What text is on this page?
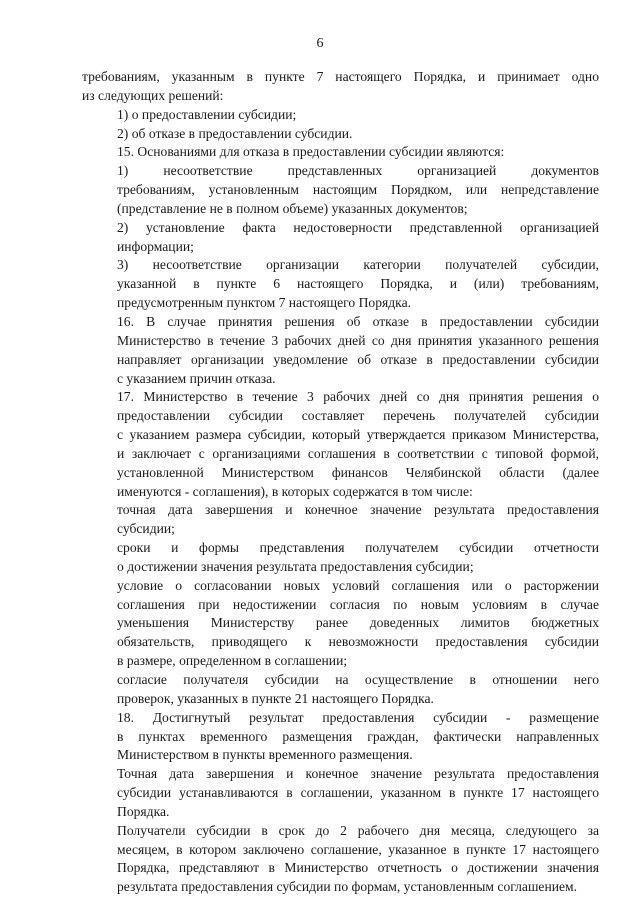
6

требованиям, указанным в пункте 7 настоящего Порядка, и принимает одно
из следующих решений:

1) о предоставлении субсидии;

2) об отказе в предоставлении субсидии.

15. Основаниями для отказа в предоставлении субсидии являются:

1) несоответствие представленных организацией документов
требованиям, установленным настоящим Порядком, или непредставление
(представление не в полном объеме) указанных документов;

2) установление факта недостоверности представленной организацией
информации;

3) несоответствие организации категории получателей субсидии,
указанной в пункте 6 настоящего Порядка, и (или) требованиям,
предусмотренным пунктом 7 настоящего Порядка.

16. В случае принятия решения об отказе в предоставлении субсидии
Министерство в течение 3 рабочих дней со дня принятия указанного решения
направляет организации уведомление об отказе в предоставлении субсидии
с указанием причин отказа.

17. Министерство в течение 3 рабочих дней со дня принятия решения о
предоставлении субсидии составляет перечень получателей субсидии
с указанием размера субсидии, который утверждается приказом Министерства,
и заключает с организациями соглашения в соответствии с типовой формой,
установленной Министерством финансов Челябинской области (далее
именуются - соглашения), в которых содержатся в том числе:

точная дата завершения и конечное значение результата предоставления
субсидии;

сроки и формы представления получателем субсидии отчетности
о достижении значения результата предоставления субсидии;

условие о согласовании новых условий соглашения или о расторжении
соглашения при недостижении согласия по новым условиям в случае
уменьшения Министерству ранее доведенных лимитов бюджетных
обязательств, приводящего к невозможности предоставления субсидии
в размере, определенном в соглашении;

согласие получателя субсидии на осуществление в отношении него
проверок, указанных в пункте 21 настоящего Порядка.

18. Достигнутый результат предоставления субсидии - размещение
в пунктах временного размещения граждан, фактически направленных
Министерством в пункты временного размещения.

Точная дата завершения и конечное значение результата предоставления
субсидии устанавливаются в соглашении, указанном в пункте 17 настоящего
Порядка.

Получатели субсидии в срок до 2 рабочего дня месяца, следующего за
месяцем, в котором заключено соглашение, указанное в пункте 17 настоящего
Порядка, представляют в Министерство отчетность о достижении значения
результата предоставления субсидии по формам, установленным соглашением.
